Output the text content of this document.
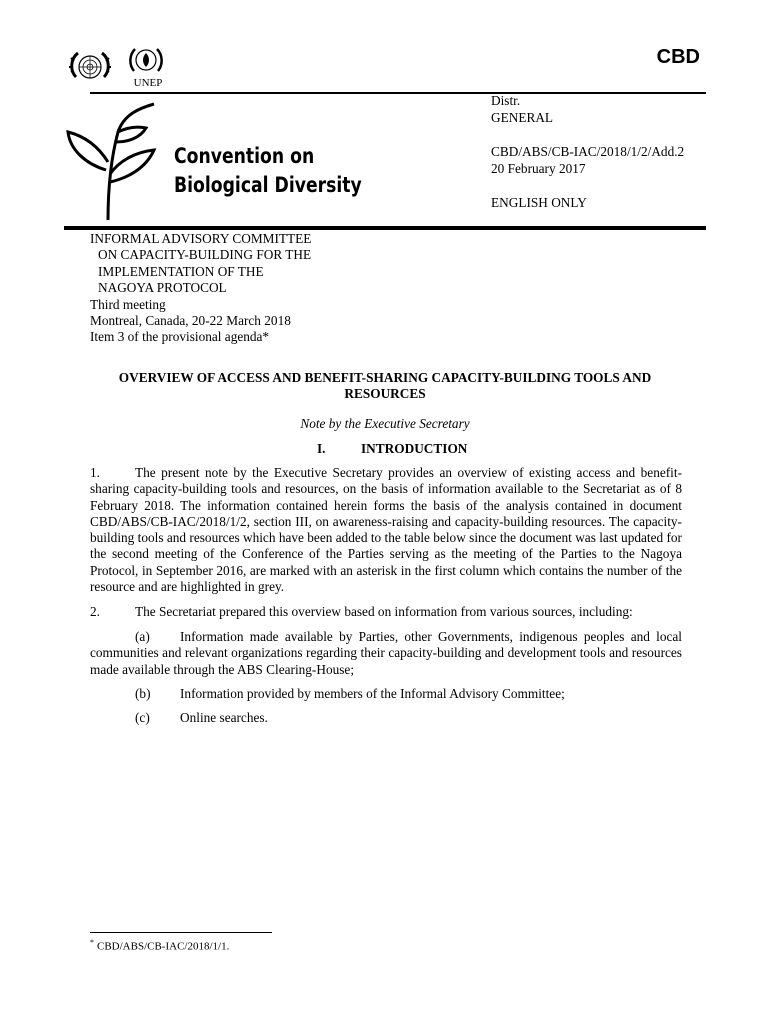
CBD
UNEP
Convention on
Biological Diversity
Distr.
GENERAL
CBD/ABS/CB-IAC/2018/1/2/Add.2
20 February 2017
ENGLISH ONLY
INFORMAL ADVISORY COMMITTEE
ON CAPACITY-BUILDING FOR THE
IMPLEMENTATION OF THE
NAGOYA PROTOCOL
Third meeting
Montreal, Canada, 20-22 March 2018
Item 3 of the provisional agenda*
OVERVIEW OF ACCESS AND BENEFIT-SHARING CAPACITY-BUILDING TOOLS AND
RESOURCES
Note by the Executive Secretary
I.	INTRODUCTION
1.	The present note by the Executive Secretary provides an overview of existing access and benefit-sharing capacity-building tools and resources, on the basis of information available to the Secretariat as of 8 February 2018. The information contained herein forms the basis of the analysis contained in document CBD/ABS/CB-IAC/2018/1/2, section III, on awareness-raising and capacity-building resources. The capacity-building tools and resources which have been added to the table below since the document was last updated for the second meeting of the Conference of the Parties serving as the meeting of the Parties to the Nagoya Protocol, in September 2016, are marked with an asterisk in the first column which contains the number of the resource and are highlighted in grey.
2.	The Secretariat prepared this overview based on information from various sources, including:
(a) Information made available by Parties, other Governments, indigenous peoples and local communities and relevant organizations regarding their capacity-building and development tools and resources made available through the ABS Clearing-House;
(b) Information provided by members of the Informal Advisory Committee;
(c) Online searches.
* CBD/ABS/CB-IAC/2018/1/1.
